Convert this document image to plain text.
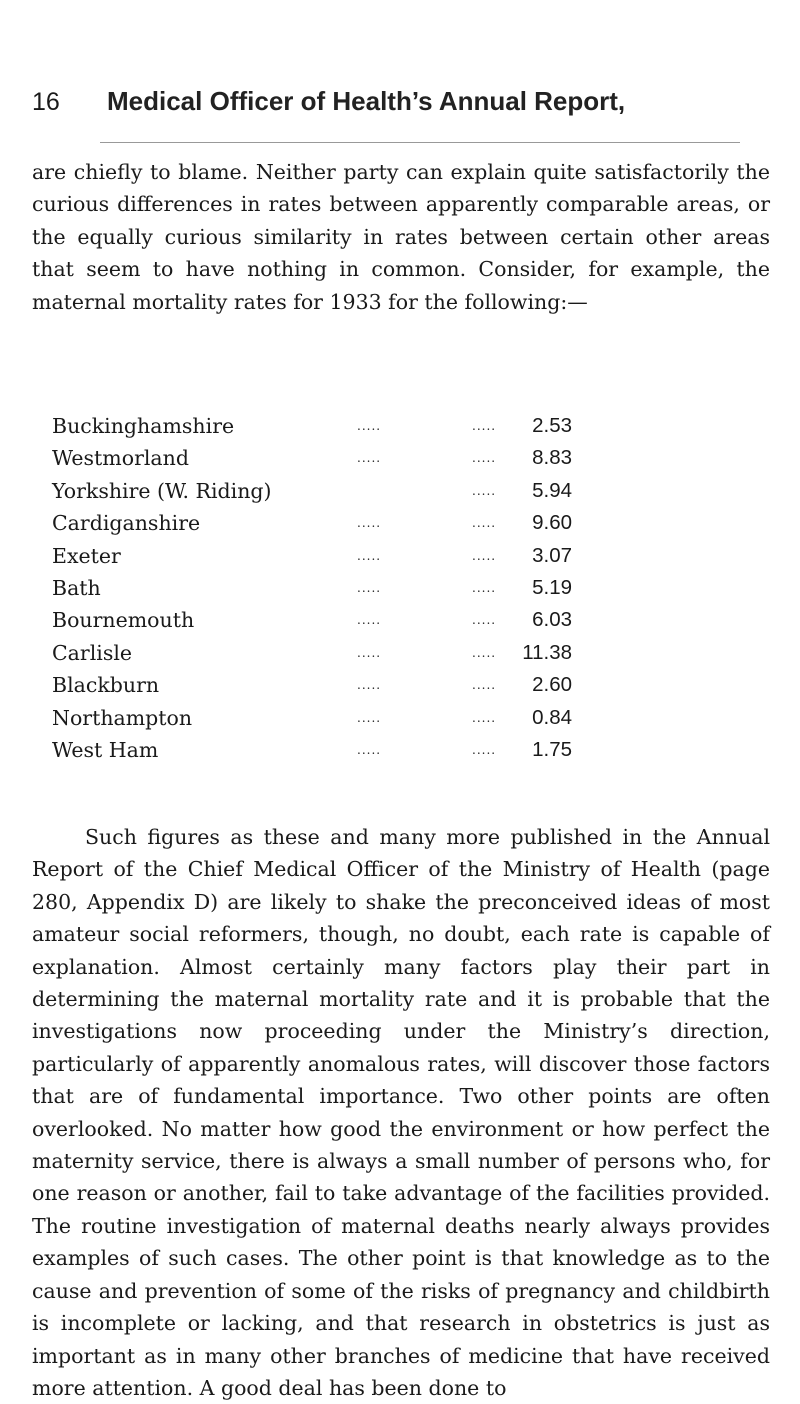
16 Medical Officer of Health’s Annual Report,
are chiefly to blame. Neither party can explain quite satisfactorily the curious differences in rates between apparently comparable areas, or the equally curious similarity in rates between certain other areas that seem to have nothing in common. Consider, for example, the maternal mortality rates for 1933 for the following:—
Buckinghamshire	.....	..... 2.53
Westmorland	.....	..... 8.83
Yorkshire (W. Riding)	..... 5.94
Cardiganshire	.....	..... 9.60
Exeter	.....	..... 3.07
Bath	.....	..... 5.19
Bournemouth	.....	..... 6.03
Carlisle	.....	..... 11.38
Blackburn	.....	..... 2.60
Northampton	.....	..... 0.84
West Ham	.....	..... 1.75
Such figures as these and many more published in the Annual Report of the Chief Medical Officer of the Ministry of Health (page 280, Appendix D) are likely to shake the preconceived ideas of most amateur social reformers, though, no doubt, each rate is capable of explanation. Almost certainly many factors play their part in determining the maternal mortality rate and it is probable that the investigations now proceeding under the Ministry’s direction, particularly of apparently anomalous rates, will discover those factors that are of fundamental importance. Two other points are often overlooked. No matter how good the environment or how perfect the maternity service, there is always a small number of persons who, for one reason or another, fail to take advantage of the facilities provided. The routine investigation of maternal deaths nearly always provides examples of such cases. The other point is that knowledge as to the cause and prevention of some of the risks of pregnancy and childbirth is incomplete or lacking, and that research in obstetrics is just as important as in many other branches of medicine that have received more attention. A good deal has been done to
